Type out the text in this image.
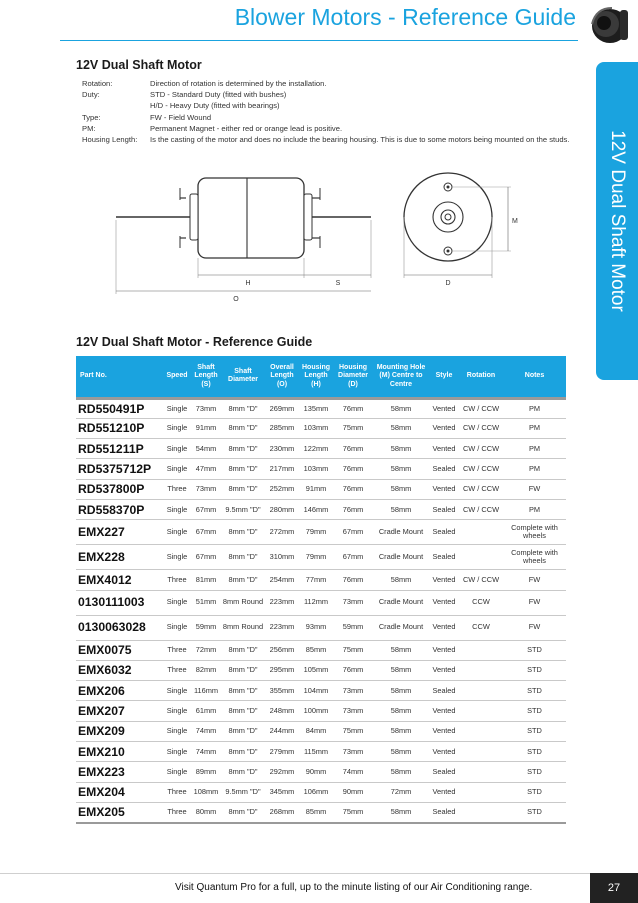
Blower Motors - Reference Guide
12V Dual Shaft Motor
12V Dual Shaft Motor
Rotation:	Direction of rotation is determined by the installation.
Duty:	STD - Standard Duty (fitted with bushes)
H/D - Heavy Duty (fitted with bearings)
Type:	FW - Field Wound
PM:	Permanent Magnet - either red or orange lead is positive.
Housing Length:	Is the casting of the motor and does no include the bearing housing. This is due to some motors being mounted on the studs.
H	S
O
M
D
12V Dual Shaft Motor - Reference Guide
Part No.	Speed	Shaft
Length
(S)	Shaft
Diameter	Overall
Length
(O)	Housing
Length
(H)	Housing
Diameter
(D)	Mounting Hole
(M) Centre to
Centre	Style	Rotation	Notes
RD550491P	Single	73mm	8mm "D"	269mm	135mm	76mm	58mm	Vented	CW / CCW	PM
RD551210P	Single	91mm	8mm "D"	285mm	103mm	75mm	58mm	Vented	CW / CCW	PM
RD551211P	Single	54mm	8mm "D"	230mm	122mm	76mm	58mm	Vented	CW / CCW	PM
RD5375712P	Single	47mm	8mm "D"	217mm	103mm	76mm	58mm	Sealed	CW / CCW	PM
RD537800P	Three	73mm	8mm "D"	252mm	91mm	76mm	58mm	Vented	CW / CCW	FW
RD558370P	Single	67mm	9.5mm "D"	280mm	146mm	76mm	58mm	Sealed	CW / CCW	PM
EMX227	Single	67mm	8mm "D"	272mm	79mm	67mm	Cradle Mount	Sealed		Complete with wheels
EMX228	Single	67mm	8mm "D"	310mm	79mm	67mm	Cradle Mount	Sealed		Complete with wheels
EMX4012	Three	81mm	8mm "D"	254mm	77mm	76mm	58mm	Vented	CW / CCW	FW
0130111003	Single	51mm	8mm Round	223mm	112mm	73mm	Cradle Mount	Vented	CCW	FW
0130063028	Single	59mm	8mm Round	223mm	93mm	59mm	Cradle Mount	Vented	CCW	FW
EMX0075	Three	72mm	8mm "D"	256mm	85mm	75mm	58mm	Vented		STD
EMX6032	Three	82mm	8mm "D"	295mm	105mm	76mm	58mm	Vented		STD
EMX206	Single	116mm	8mm "D"	355mm	104mm	73mm	58mm	Sealed		STD
EMX207	Single	61mm	8mm "D"	248mm	100mm	73mm	58mm	Vented		STD
EMX209	Single	74mm	8mm "D"	244mm	84mm	75mm	58mm	Vented		STD
EMX210	Single	74mm	8mm "D"	279mm	115mm	73mm	58mm	Vented		STD
EMX223	Single	89mm	8mm "D"	292mm	90mm	74mm	58mm	Sealed		STD
EMX204	Three	108mm	9.5mm "D"	345mm	106mm	90mm	72mm	Vented		STD
EMX205	Three	80mm	8mm "D"	268mm	85mm	75mm	58mm	Sealed		STD
Visit Quantum Pro for a full, up to the minute listing of our Air Conditioning range.	27
